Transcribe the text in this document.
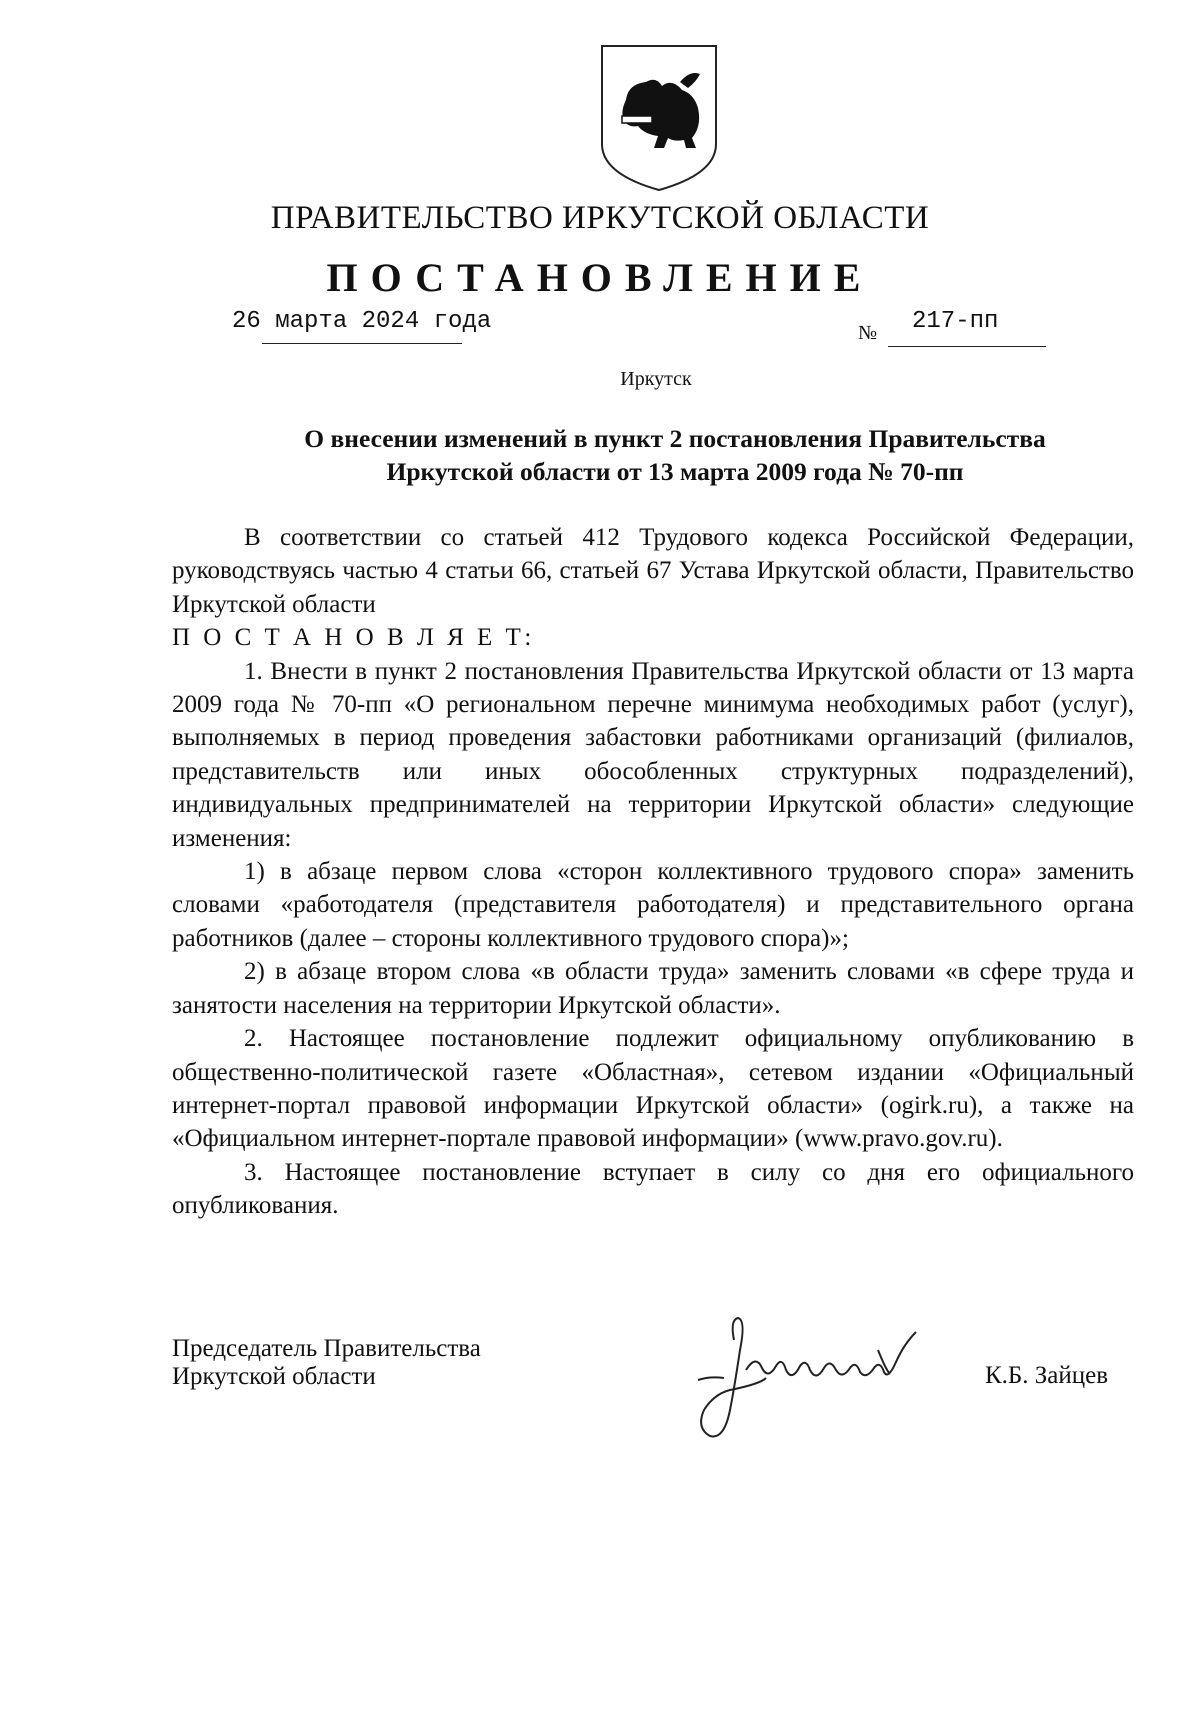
ПРАВИТЕЛЬСТВО ИРКУТСКОЙ ОБЛАСТИ
ПОСТАНОВЛЕНИЕ
26 марта 2024 года	№ 217-пп
Иркутск
О внесении изменений в пункт 2 постановления Правительства
Иркутской области от 13 марта 2009 года № 70-пп

В соответствии со статьей 412 Трудового кодекса Российской Федерации, руководствуясь частью 4 статьи 66, статьей 67 Устава Иркутской области, Правительство Иркутской области

П О С Т А Н О В Л Я Е Т:

1. Внести в пункт 2 постановления Правительства Иркутской области от 13 марта 2009 года № 70-пп «О региональном перечне минимума необходимых работ (услуг), выполняемых в период проведения забастовки работниками организаций (филиалов, представительств или иных обособленных структурных подразделений), индивидуальных предпринимателей на территории Иркутской области» следующие изменения:

1) в абзаце первом слова «сторон коллективного трудового спора» заменить словами «работодателя (представителя работодателя) и представительного органа работников (далее – стороны коллективного трудового спора)»;

2) в абзаце втором слова «в области труда» заменить словами «в сфере труда и занятости населения на территории Иркутской области».

2. Настоящее постановление подлежит официальному опубликованию в общественно-политической газете «Областная», сетевом издании «Официальный интернет-портал правовой информации Иркутской области» (ogirk.ru), а также на «Официальном интернет-портале правовой информации» (www.pravo.gov.ru).

3. Настоящее постановление вступает в силу со дня его официального опубликования.

Председатель Правительства
Иркутской области	К.Б. Зайцев
